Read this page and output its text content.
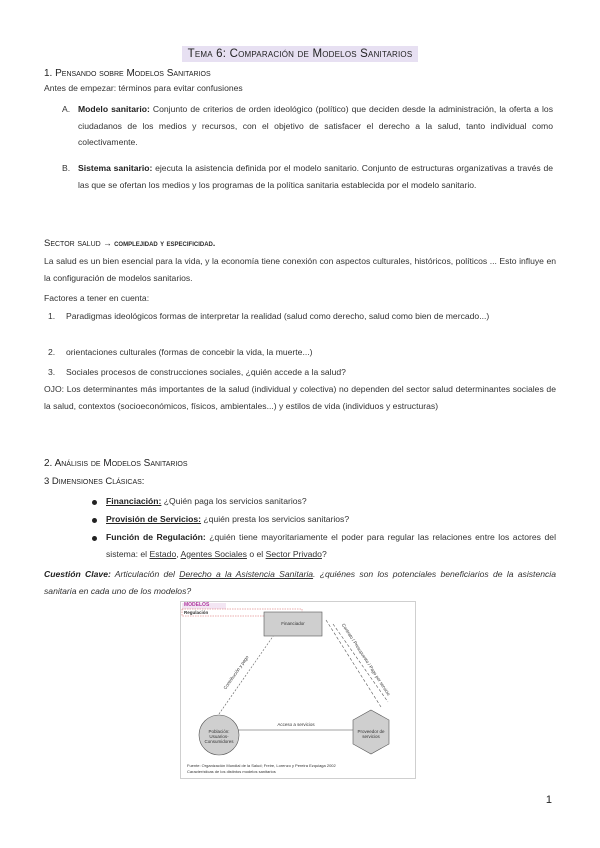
Tema 6: Comparación de Modelos Sanitarios
1. Pensando sobre Modelos Sanitarios
Antes de empezar: términos para evitar confusiones
A. Modelo sanitario: Conjunto de criterios de orden ideológico (político) que deciden desde la administración, la oferta a los ciudadanos de los medios y recursos, con el objetivo de satisfacer el derecho a la salud, tanto individual como colectivamente.
B. Sistema sanitario: ejecuta la asistencia definida por el modelo sanitario. Conjunto de estructuras organizativas a través de las que se ofertan los medios y los programas de la política sanitaria establecida por el modelo sanitario.
Sector salud → complejidad y especificidad.
La salud es un bien esencial para la vida, y la economía tiene conexión con aspectos culturales, históricos, políticos ... Esto influye en la configuración de modelos sanitarios.
Factores a tener en cuenta:
1. Paradigmas ideológicos formas de interpretar la realidad (salud como derecho, salud como bien de mercado...)
2. orientaciones culturales (formas de concebir la vida, la muerte...)
3. Sociales procesos de construcciones sociales, ¿quién accede a la salud?
OJO: Los determinantes más importantes de la salud (individual y colectiva) no dependen del sector salud determinantes sociales de la salud, contextos (socioeconómicos, físicos, ambientales...) y estilos de vida (individuos y estructuras)
2. Análisis de Modelos Sanitarios
3 Dimensiones Clásicas:
Financiación: ¿Quién paga los servicios sanitarios?
Provisión de Servicios: ¿quién presta los servicios sanitarios?
Función de Regulación: ¿quién tiene mayoritariamente el poder para regular las relaciones entre los actores del sistema: el Estado, Agentes Sociales o el Sector Privado?
Cuestión Clave: Articulación del Derecho a la Asistencia Sanitaria. ¿quiénes son los potenciales beneficiarios de la asistencia sanitaria en cada uno de los modelos?
MODELOS
Regulación
Financiador
Población: Usuarios-Consumidores
Proveedor de servicios
Contribución y pago	Contrato / Presupuesto / Pago por servicio
Acceso a servicios
Fuente: Organización Mundial de la Salud; Freire, Lorenzo y Pereira Ezquiaga 2002
Características de los distintos modelos sanitarios
1
